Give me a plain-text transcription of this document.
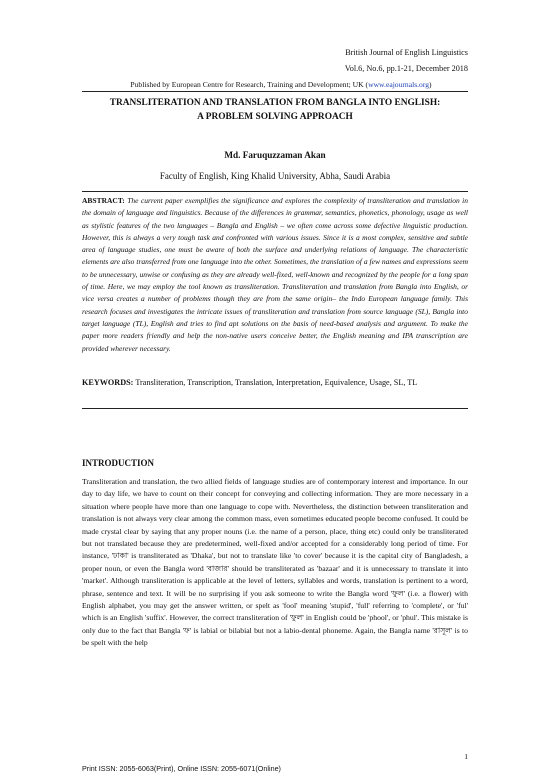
British Journal of English Linguistics
Vol.6, No.6, pp.1-21, December 2018
Published by European Centre for Research, Training and Development; UK (www.eajournals.org)
TRANSLITERATION AND TRANSLATION FROM BANGLA INTO ENGLISH:
A PROBLEM SOLVING APPROACH
Md. Faruquzzaman Akan
Faculty of English, King Khalid University, Abha, Saudi Arabia
ABSTRACT: The current paper exemplifies the significance and explores the complexity of transliteration and translation in the domain of language and linguistics. Because of the differences in grammar, semantics, phonetics, phonology, usage as well as stylistic features of the two languages – Bangla and English – we often come across some defective linguistic production. However, this is always a very tough task and confronted with various issues. Since it is a most complex, sensitive and subtle area of language studies, one must be aware of both the surface and underlying relations of language. The characteristic elements are also transferred from one language into the other. Sometimes, the translation of a few names and expressions seem to be unnecessary, unwise or confusing as they are already well-fixed, well-known and recognized by the people for a long span of time. Here, we may employ the tool known as transliteration. Transliteration and translation from Bangla into English, or vice versa creates a number of problems though they are from the same origin– the Indo European language family. This research focuses and investigates the intricate issues of transliteration and translation from source language (SL), Bangla into target language (TL), English and tries to find apt solutions on the basis of need-based analysis and argument. To make the paper more readers friendly and help the non-native users conceive better, the English meaning and IPA transcription are provided wherever necessary.
KEYWORDS: Transliteration, Transcription, Translation, Interpretation, Equivalence, Usage, SL, TL
INTRODUCTION
Transliteration and translation, the two allied fields of language studies are of contemporary interest and importance. In our day to day life, we have to count on their concept for conveying and collecting information. They are more necessary in a situation where people have more than one language to cope with. Nevertheless, the distinction between transliteration and translation is not always very clear among the common mass, even sometimes educated people become confused. It could be made crystal clear by saying that any proper nouns (i.e. the name of a person, place, thing etc) could only be transliterated but not translated because they are predetermined, well-fixed and/or accepted for a considerably long period of time. For instance, 'ঢাকা' is transliterated as 'Dhaka', but not to translate like 'to cover' because it is the capital city of Bangladesh, a proper noun, or even the Bangla word 'বাজার' should be transliterated as 'bazaar' and it is unnecessary to translate it into 'market'. Although transliteration is applicable at the level of letters, syllables and words, translation is pertinent to a word, phrase, sentence and text. It will be no surprising if you ask someone to write the Bangla word 'ফুল' (i.e. a flower) with English alphabet, you may get the answer written, or spelt as 'fool' meaning 'stupid', 'full' referring to 'complete', or 'ful' which is an English 'suffix'. However, the correct transliteration of 'ফুল' in English could be 'phool', or 'phul'. This mistake is only due to the fact that Bangla 'ফ' is labial or bilabial but not a labio-dental phoneme. Again, the Bangla name 'রাসূল' is to be spelt with the help
1
Print ISSN: 2055-6063(Print), Online ISSN: 2055-6071(Online)
